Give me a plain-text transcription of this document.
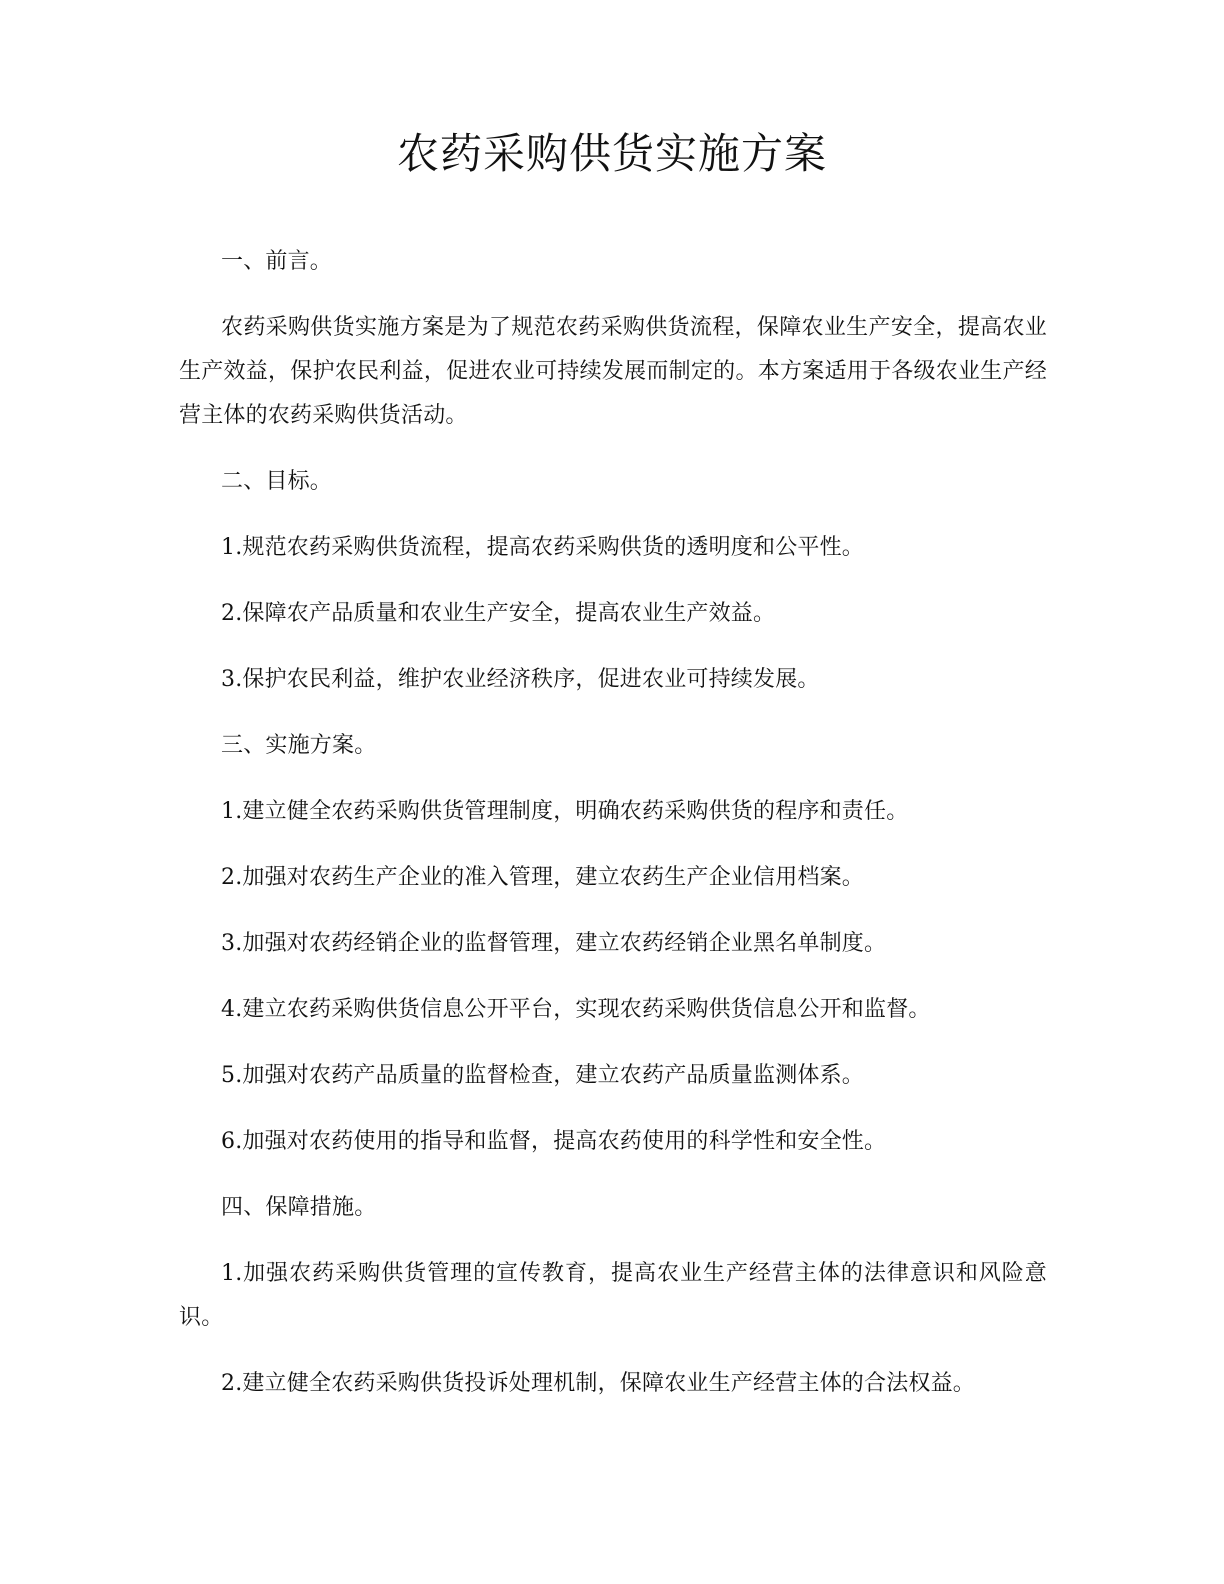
农药采购供货实施方案

一、前言。

农药采购供货实施方案是为了规范农药采购供货流程，保障农业生产安全，提高农业生产效益，保护农民利益，促进农业可持续发展而制定的。本方案适用于各级农业生产经营主体的农药采购供货活动。

二、目标。

1.规范农药采购供货流程，提高农药采购供货的透明度和公平性。

2.保障农产品质量和农业生产安全，提高农业生产效益。

3.保护农民利益，维护农业经济秩序，促进农业可持续发展。

三、实施方案。

1.建立健全农药采购供货管理制度，明确农药采购供货的程序和责任。

2.加强对农药生产企业的准入管理，建立农药生产企业信用档案。

3.加强对农药经销企业的监督管理，建立农药经销企业黑名单制度。

4.建立农药采购供货信息公开平台，实现农药采购供货信息公开和监督。

5.加强对农药产品质量的监督检查，建立农药产品质量监测体系。

6.加强对农药使用的指导和监督，提高农药使用的科学性和安全性。

四、保障措施。

1.加强农药采购供货管理的宣传教育，提高农业生产经营主体的法律意识和风险意识。

2.建立健全农药采购供货投诉处理机制，保障农业生产经营主体的合法权益。
